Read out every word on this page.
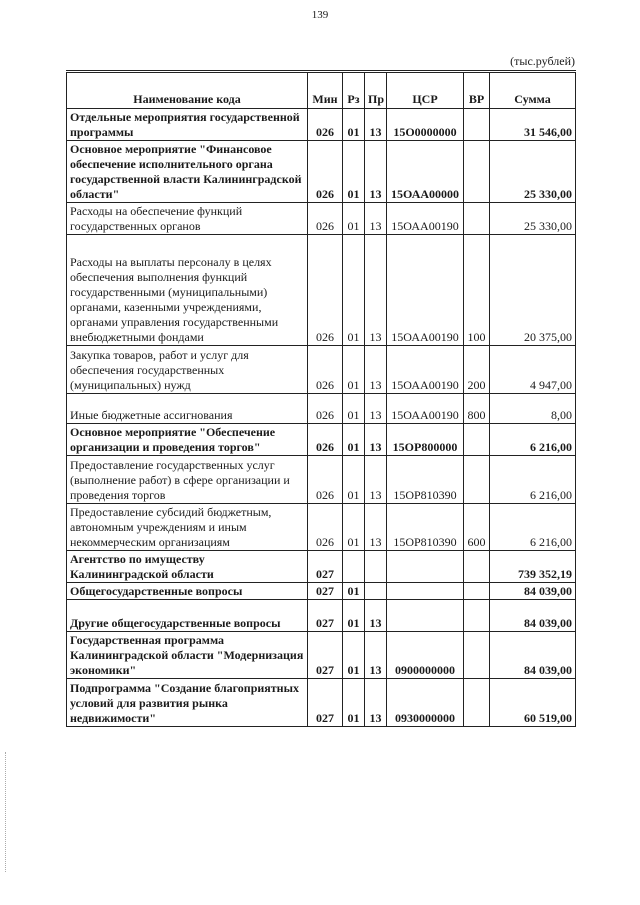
139
(тыс.рублей)
Наименование кода	Мин	Рз	Пр	ЦСР	ВР	Сумма
Отдельные мероприятия государственной программы	026	01	13	15О0000000		31 546,00
Основное мероприятие "Финансовое обеспечение исполнительного органа государственной власти Калининградской области"	026	01	13	15ОАА00000		25 330,00
Расходы на обеспечение функций государственных органов	026	01	13	15ОАА00190		25 330,00
Расходы на выплаты персоналу в целях обеспечения выполнения функций государственными (муниципальными) органами, казенными учреждениями, органами управления государственными внебюджетными фондами	026	01	13	15ОАА00190	100	20 375,00
Закупка товаров, работ и услуг для обеспечения государственных (муниципальных) нужд	026	01	13	15ОАА00190	200	4 947,00
Иные бюджетные ассигнования	026	01	13	15ОАА00190	800	8,00
Основное мероприятие "Обеспечение организации и проведения торгов"	026	01	13	15ОР800000		6 216,00
Предоставление государственных услуг (выполнение работ) в сфере организации и проведения торгов	026	01	13	15ОР810390		6 216,00
Предоставление субсидий бюджетным, автономным учреждениям и иным некоммерческим организациям	026	01	13	15ОР810390	600	6 216,00
Агентство по имуществу Калининградской области	027					739 352,19
Общегосударственные вопросы	027	01				84 039,00
Другие общегосударственные вопросы	027	01	13			84 039,00
Государственная программа Калининградской области "Модернизация экономики"	027	01	13	0900000000		84 039,00
Подпрограмма "Создание благоприятных условий для развития рынка недвижимости"	027	01	13	0930000000		60 519,00
